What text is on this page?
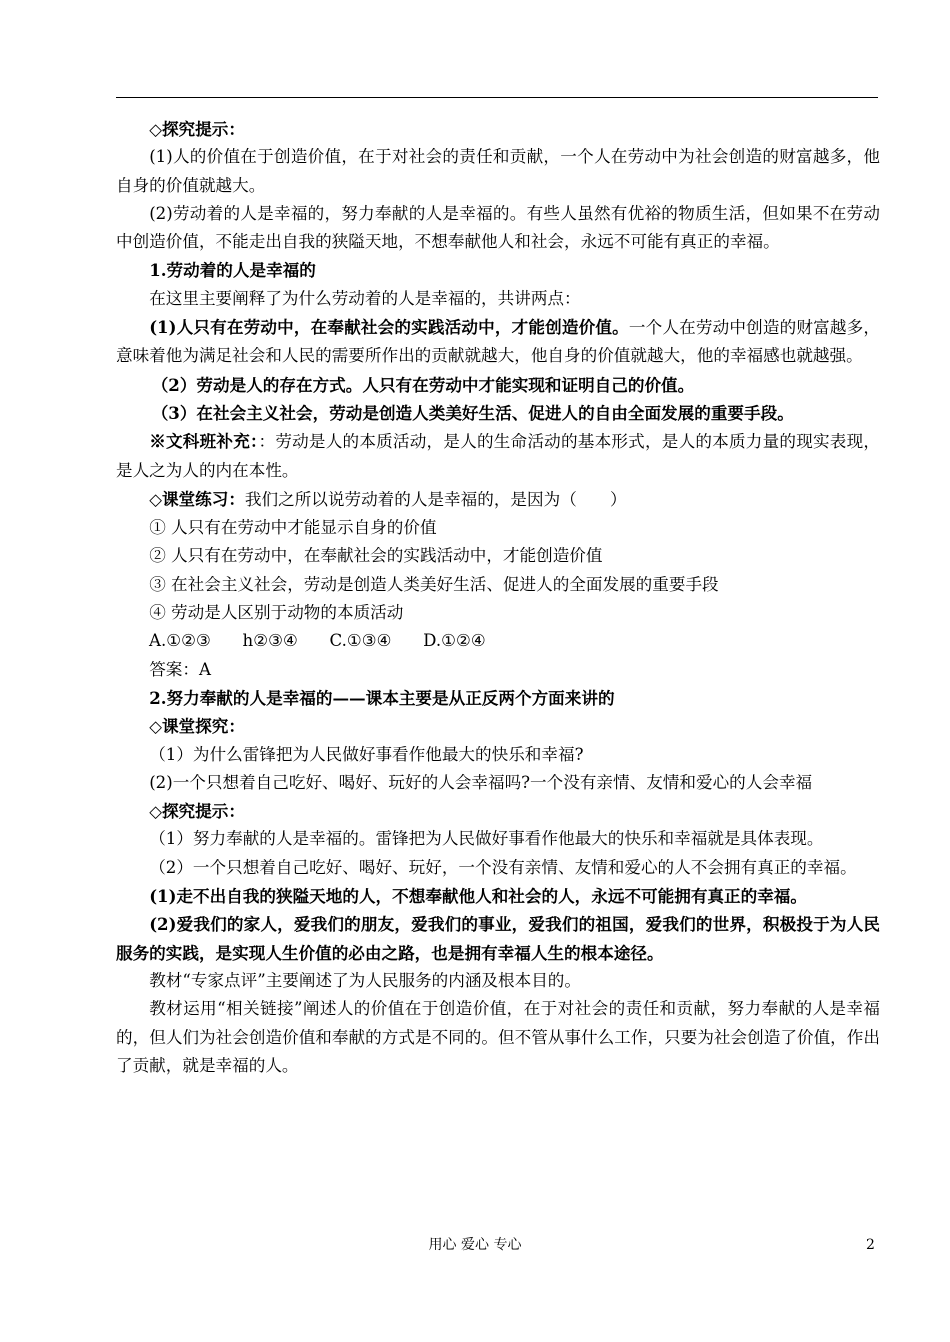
◇探究提示：

(1)人的价值在于创造价值，在于对社会的责任和贡献，一个人在劳动中为社会创造的财富越多，他自身的价值就越大。

(2)劳动着的人是幸福的，努力奉献的人是幸福的。有些人虽然有优裕的物质生活，但如果不在劳动中创造价值，不能走出自我的狭隘天地，不想奉献他人和社会，永远不可能有真正的幸福。

1.劳动着的人是幸福的

在这里主要阐释了为什么劳动着的人是幸福的，共讲两点：

(1)人只有在劳动中，在奉献社会的实践活动中，才能创造价值。一个人在劳动中创造的财富越多，意味着他为满足社会和人民的需要所作出的贡献就越大，他自身的价值就越大，他的幸福感也就越强。

（2）劳动是人的存在方式。人只有在劳动中才能实现和证明自己的价值。

（3）在社会主义社会，劳动是创造人类美好生活、促进人的自由全面发展的重要手段。

※文科班补充：：劳动是人的本质活动，是人的生命活动的基本形式，是人的本质力量的现实表现，是人之为人的内在本性。

◇课堂练习：我们之所以说劳动着的人是幸福的，是因为（　　）

① 人只有在劳动中才能显示自身的价值

② 人只有在劳动中，在奉献社会的实践活动中，才能创造价值

③ 在社会主义社会，劳动是创造人类美好生活、促进人的全面发展的重要手段

④ 劳动是人区别于动物的本质活动

A.①②③      h②③④      C.①③④      D.①②④

答案：A

2.努力奉献的人是幸福的——课本主要是从正反两个方面来讲的

◇课堂探究：

（1）为什么雷锋把为人民做好事看作他最大的快乐和幸福?

(2)一个只想着自己吃好、喝好、玩好的人会幸福吗?一个没有亲情、友情和爱心的人会幸福

◇探究提示：

（1）努力奉献的人是幸福的。雷锋把为人民做好事看作他最大的快乐和幸福就是具体表现。

（2）一个只想着自己吃好、喝好、玩好，一个没有亲情、友情和爱心的人不会拥有真正的幸福。

(1)走不出自我的狭隘天地的人，不想奉献他人和社会的人，永远不可能拥有真正的幸福。

(2)爱我们的家人，爱我们的朋友，爱我们的事业，爱我们的祖国，爱我们的世界，积极投于为人民服务的实践，是实现人生价值的必由之路，也是拥有幸福人生的根本途径。

教材“专家点评”主要阐述了为人民服务的内涵及根本目的。

教材运用“相关链接”阐述人的价值在于创造价值，在于对社会的责任和贡献，努力奉献的人是幸福的，但人们为社会创造价值和奉献的方式是不同的。但不管从事什么工作，只要为社会创造了价值，作出了贡献，就是幸福的人。

用心 爱心 专心	2
